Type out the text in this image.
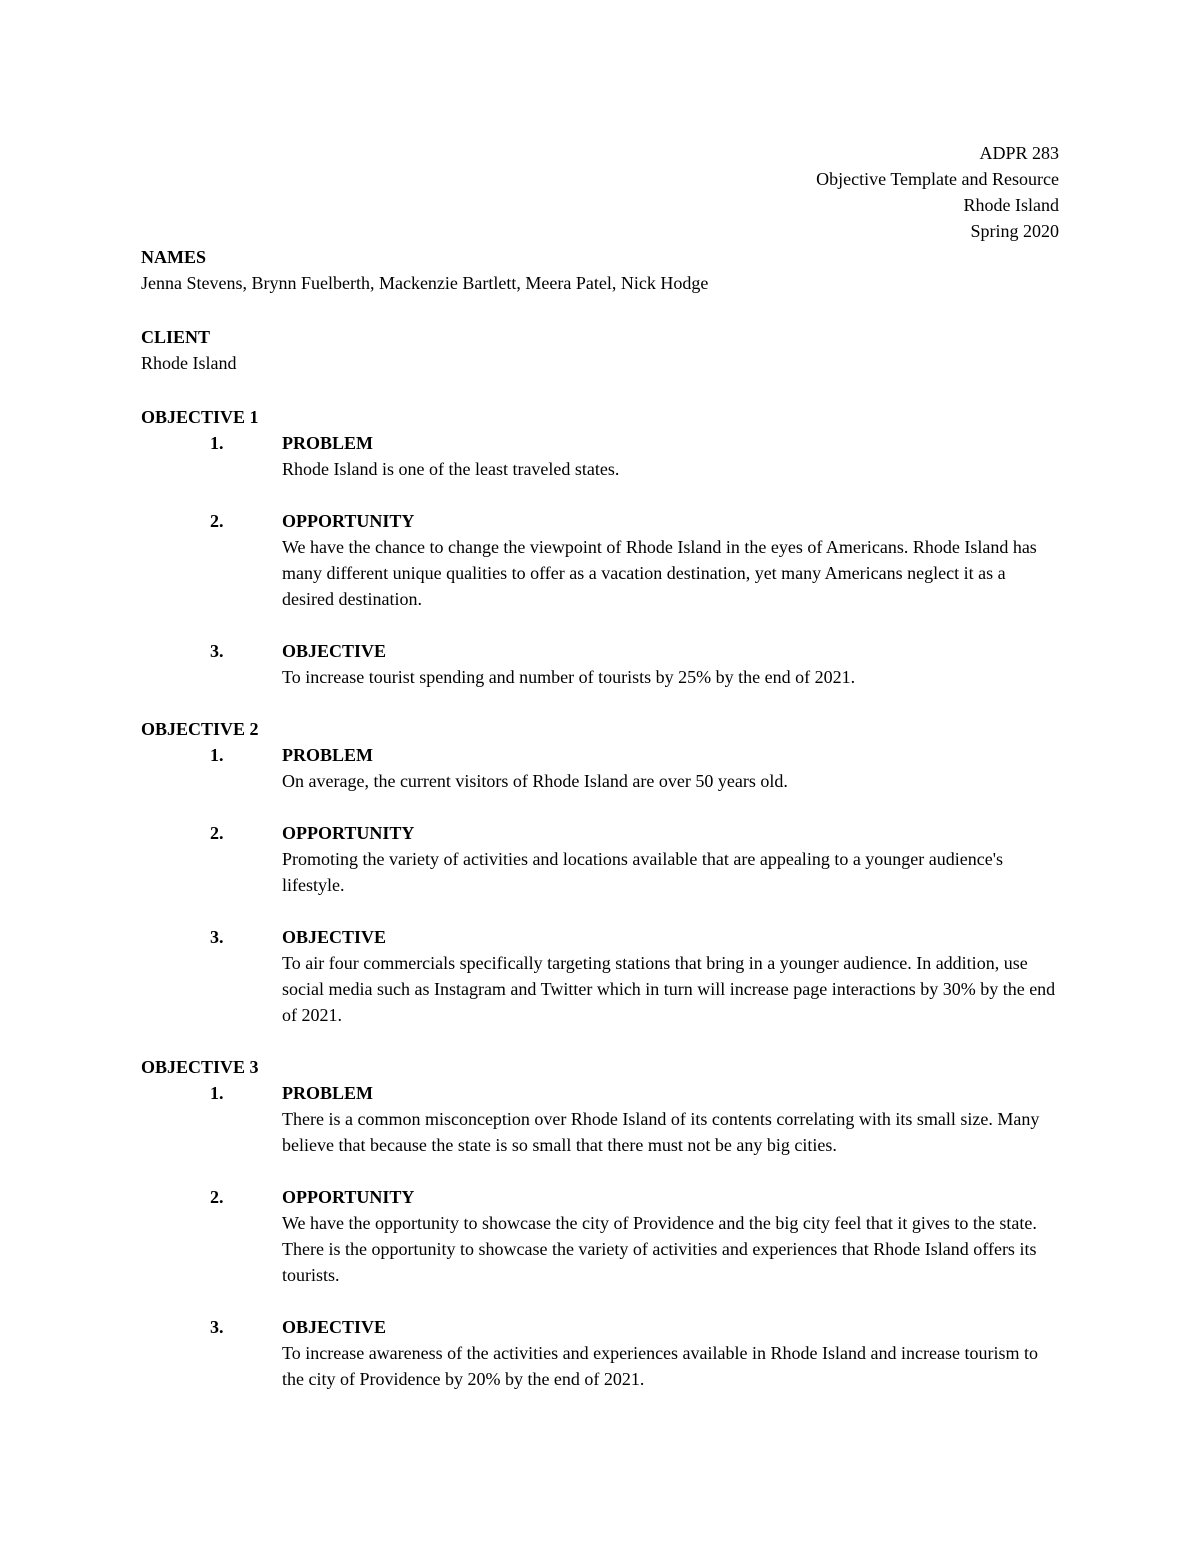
ADPR 283
Objective Template and Resource
Rhode Island
Spring 2020
NAMES
Jenna Stevens, Brynn Fuelberth, Mackenzie Bartlett, Meera Patel, Nick Hodge
CLIENT
Rhode Island
OBJECTIVE 1
1.	PROBLEM
Rhode Island is one of the least traveled states.
2.	OPPORTUNITY
We have the chance to change the viewpoint of Rhode Island in the eyes of Americans. Rhode Island has many different unique qualities to offer as a vacation destination, yet many Americans neglect it as a desired destination.
3.	OBJECTIVE
To increase tourist spending and number of tourists by 25% by the end of 2021.
OBJECTIVE 2
1.	PROBLEM
On average, the current visitors of Rhode Island are over 50 years old.
2.	OPPORTUNITY
Promoting the variety of activities and locations available that are appealing to a younger audience's lifestyle.
3.	OBJECTIVE
To air four commercials specifically targeting stations that bring in a younger audience. In addition, use social media such as Instagram and Twitter which in turn will increase page interactions by 30% by the end of 2021.
OBJECTIVE 3
1.	PROBLEM
There is a common misconception over Rhode Island of its contents correlating with its small size. Many believe that because the state is so small that there must not be any big cities.
2.	OPPORTUNITY
We have the opportunity to showcase the city of Providence and the big city feel that it gives to the state. There is the opportunity to showcase the variety of activities and experiences that Rhode Island offers its tourists.
3.	OBJECTIVE
To increase awareness of the activities and experiences available in Rhode Island and increase tourism to the city of Providence by 20% by the end of 2021.
